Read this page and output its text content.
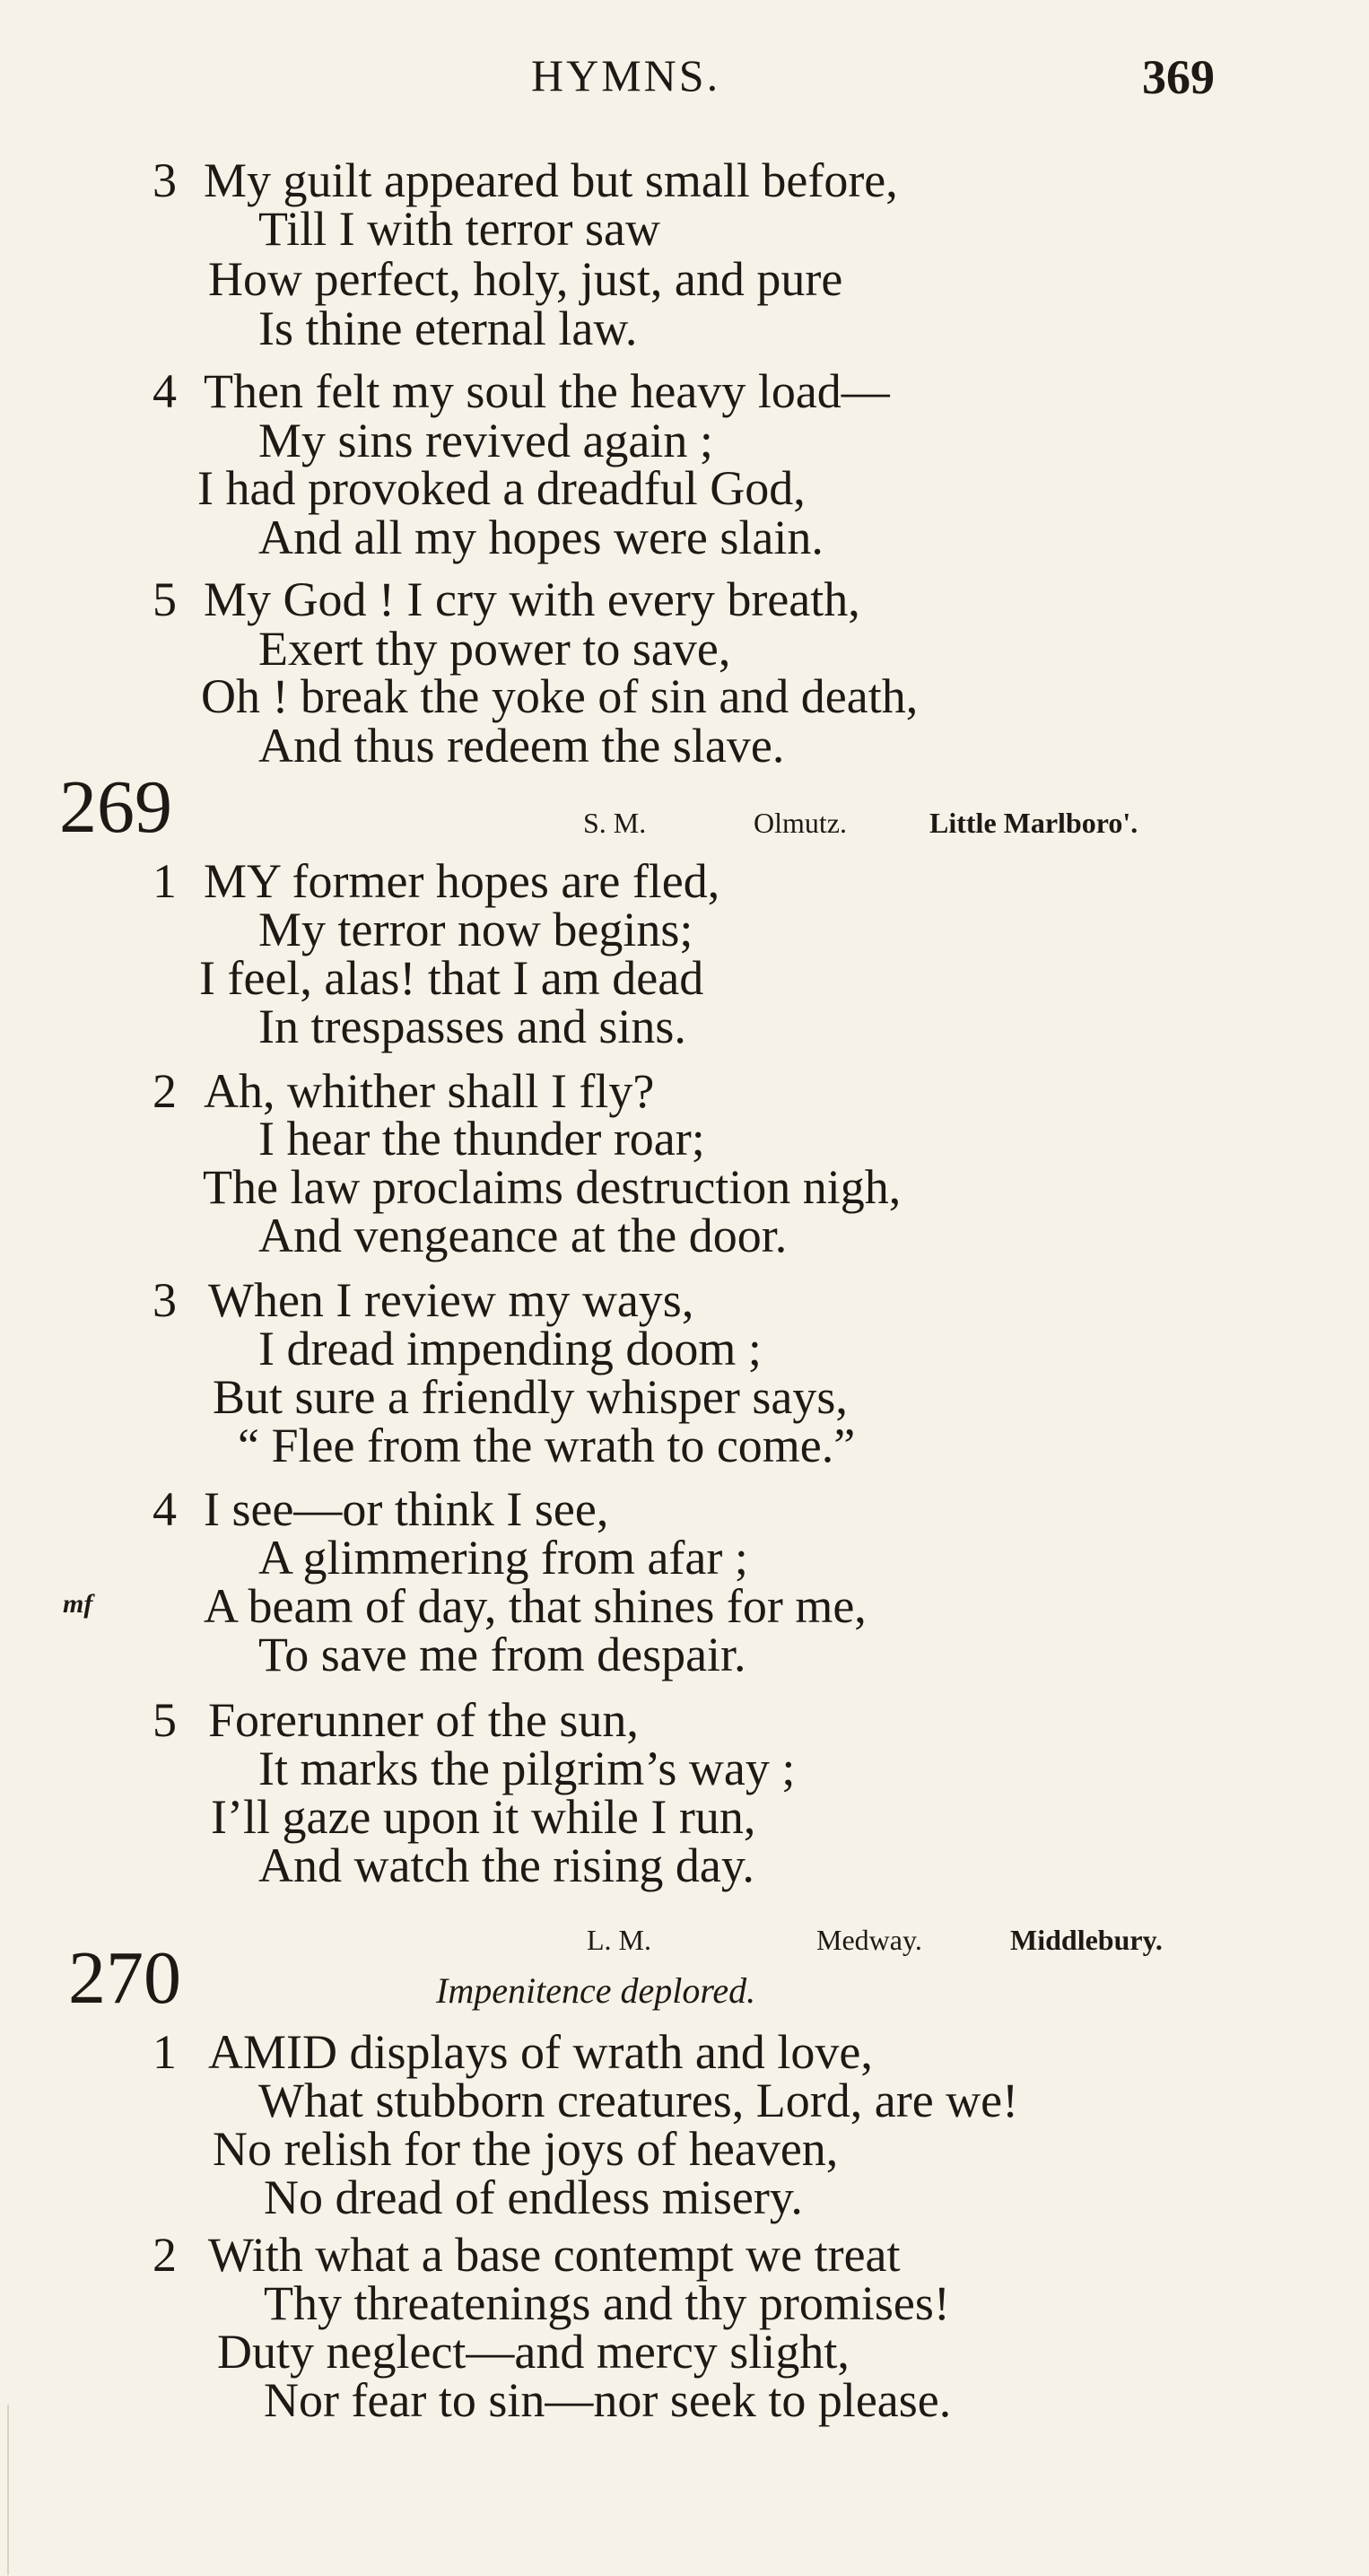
HYMNS.	369
3 My guilt appeared but small before,
Till I with terror saw
How perfect, holy, just, and pure
Is thine eternal law.
4 Then felt my soul the heavy load—
My sins revived again ;
I had provoked a dreadful God,
And all my hopes were slain.
5 My God ! I cry with every breath,
Exert thy power to save,
Oh ! break the yoke of sin and death,
And thus redeem the slave.
269	S. M.	Olmutz.	Little Marlboro'.
1 MY former hopes are fled,
My terror now begins;
I feel, alas! that I am dead
In trespasses and sins.
2 Ah, whither shall I fly?
I hear the thunder roar;
The law proclaims destruction nigh,
And vengeance at the door.
3 When I review my ways,
I dread impending doom ;
But sure a friendly whisper says,
“ Flee from the wrath to come.”
4 I see—or think I see,
A glimmering from afar ;
mf A beam of day, that shines for me,
To save me from despair.
5 Forerunner of the sun,
It marks the pilgrim’s way ;
I’ll gaze upon it while I run,
And watch the rising day.
270	L. M.	Medway.	Middlebury.
Impenitence deplored.
1 AMID displays of wrath and love,
What stubborn creatures, Lord, are we!
No relish for the joys of heaven,
No dread of endless misery.
2 With what a base contempt we treat
Thy threatenings and thy promises!
Duty neglect—and mercy slight,
Nor fear to sin—nor seek to please.
